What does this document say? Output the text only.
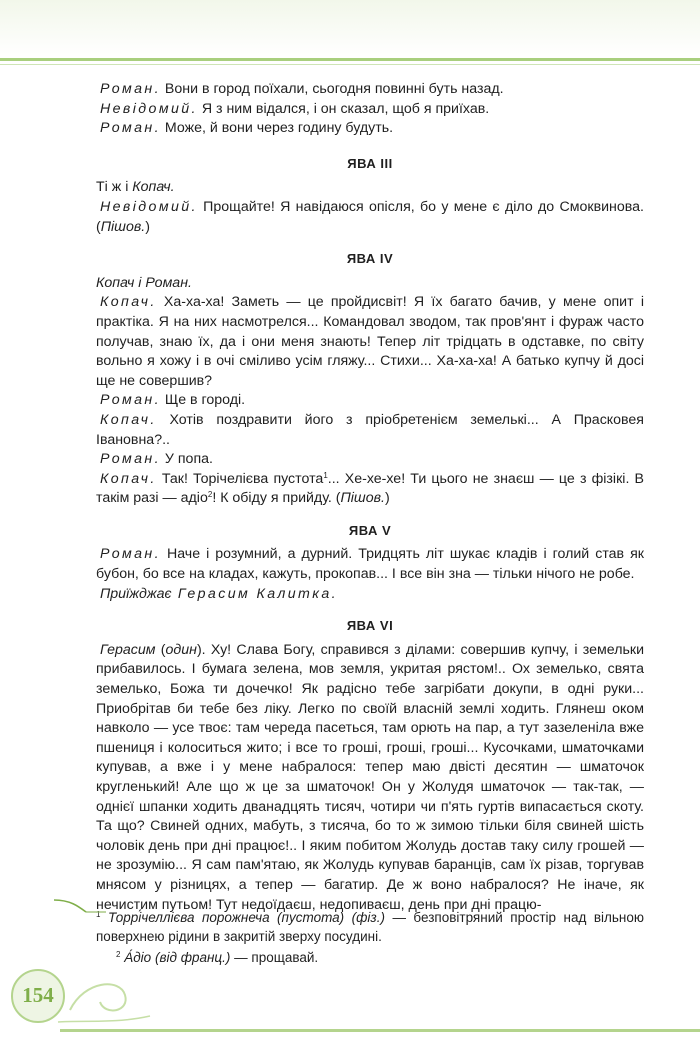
Роман. Вони в город поїхали, сьогодня повинні буть назад.

Невідомий. Я з ним відался, і он сказал, щоб я приїхав.

Роман. Може, й вони через годину будуть.

ЯВА III

Ті ж і Копач.

Невідомий. Прощайте! Я навідаюся опісля, бо у мене є діло до Смоквинова. (Пішов.)

ЯВА IV

Копач і Роман.

Копач. Ха-ха-ха! Заметь — це пройдисвіт! Я їх багато бачив, у мене опит і практіка. Я на них насмотрелся... Командовал зводом, так пров'янт і фураж часто получав, знаю їх, да і они меня знають! Тепер літ трідцать в одставке, по світу вольно я хожу і в очі сміливо усім гляжу... Стихи... Ха-ха-ха! А батько купчу й досі ще не совершив?

Роман. Ще в городі.

Копач. Хотів поздравити його з пріобретенієм земелькі... А Прасковея Івановна?..

Роман. У попа.

Копач. Так! Торічелієва пустота$^1$... Хе-хе-хе! Ти цього не знаєш — це з фізікі. В такім разі — адіо$^2$! К обіду я прийду. (Пішов.)

ЯВА V

Роман. Наче і розумний, а дурний. Тридцять літ шукає кладів і голий став як бубон, бо все на кладах, кажуть, прокопав... І все він зна — тільки нічого не робе.

Приїжджає Герасим Калитка.

ЯВА VI

Герасим (один). Ху! Слава Богу, справився з ділами: совершив купчу, і земельки прибавилось. І бумага зелена, мов земля, укритая рястом!.. Ох земелько, свята земелько, Божа ти дочечко! Як радісно тебе загрібати докупи, в одні руки... Приобрітав би тебе без ліку. Легко по своїй власній землі ходить. Глянеш оком навколо — усе твоє: там череда пасеться, там орють на пар, а тут зазеленіла вже пшениця і колоситься жито; і все то гроші, гроші, гроші... Кусочками, шматочками купував, а вже і у мене набралося: тепер маю двісті десятин — шматочок кругленький! Але що ж це за шматочок! Он у Жолудя шматочок — так-так, — однієї шпанки ходить дванадцять тисяч, чотири чи п'ять гуртів випасається скоту. Та що? Свиней одних, мабуть, з тисяча, бо то ж зимою тільки біля свиней шість чоловік день при дні працює!.. І яким побитом Жолудь достав таку силу грошей — не зрозумію... Я сам пам'ятаю, як Жолудь купував баранців, сам їх різав, торгував мнясом у різницях, а тепер — багатир. Де ж воно набралося? Не іначе, як нечистим путьом! Тут недоїдаєш, недопиваєш, день при дні працю-

$^1$ Торрі́челлієва порожнеча (пустота) (фіз.) — безповітряний простір над вільною поверхнею рідини в закритій зверху посудині.

$^2$ А́діо (від франц.) — прощавай.

154
